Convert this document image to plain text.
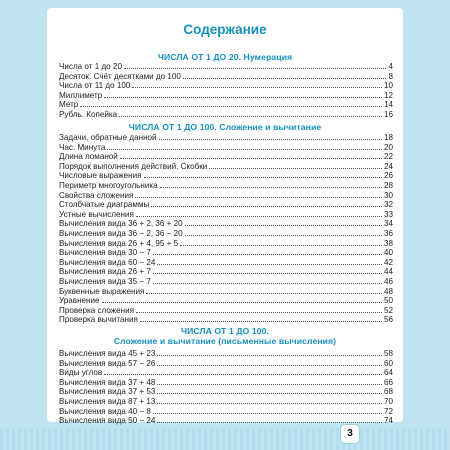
Содержание
ЧИСЛА ОТ 1 ДО 20. Нумерация
Числа от 1 до 20	4
Десяток. Счёт десятками до 100	8
Числа от 11 до 100	10
Миллиметр	12
Метр	14
Рубль. Копейка	16
ЧИСЛА ОТ 1 ДО 100. Сложение и вычитание
Задачи, обратные данной	18
Час. Минута	20
Длина ломаной	22
Порядок выполнения действий. Скобки	24
Числовые выражения	26
Периметр многоугольника	28
Свойства сложения	30
Столбчатые диаграммы	32
Устные вычисления	33
Вычисления вида 36 + 2, 36 + 20	34
Вычисления вида 36 − 2, 36 − 20	36
Вычисления вида 26 + 4, 95 + 5	38
Вычисления вида 30 − 7	40
Вычисления вида 60 − 24	42
Вычисления вида 26 + 7	44
Вычисления вида 35 − 7	46
Буквенные выражения	48
Уравнение	50
Проверка сложения	52
Проверка вычитания	56
ЧИСЛА ОТ 1 ДО 100.
Сложение и вычитание (письменные вычисления)
Вычисления вида 45 + 23	58
Вычисления вида 57 − 26	60
Виды углов	64
Вычисления вида 37 + 48	66
Вычисления вида 37 + 53	68
Вычисления вида 87 + 13	70
Вычисления вида 40 − 8	72
Вычисления вида 50 − 24	74
3
